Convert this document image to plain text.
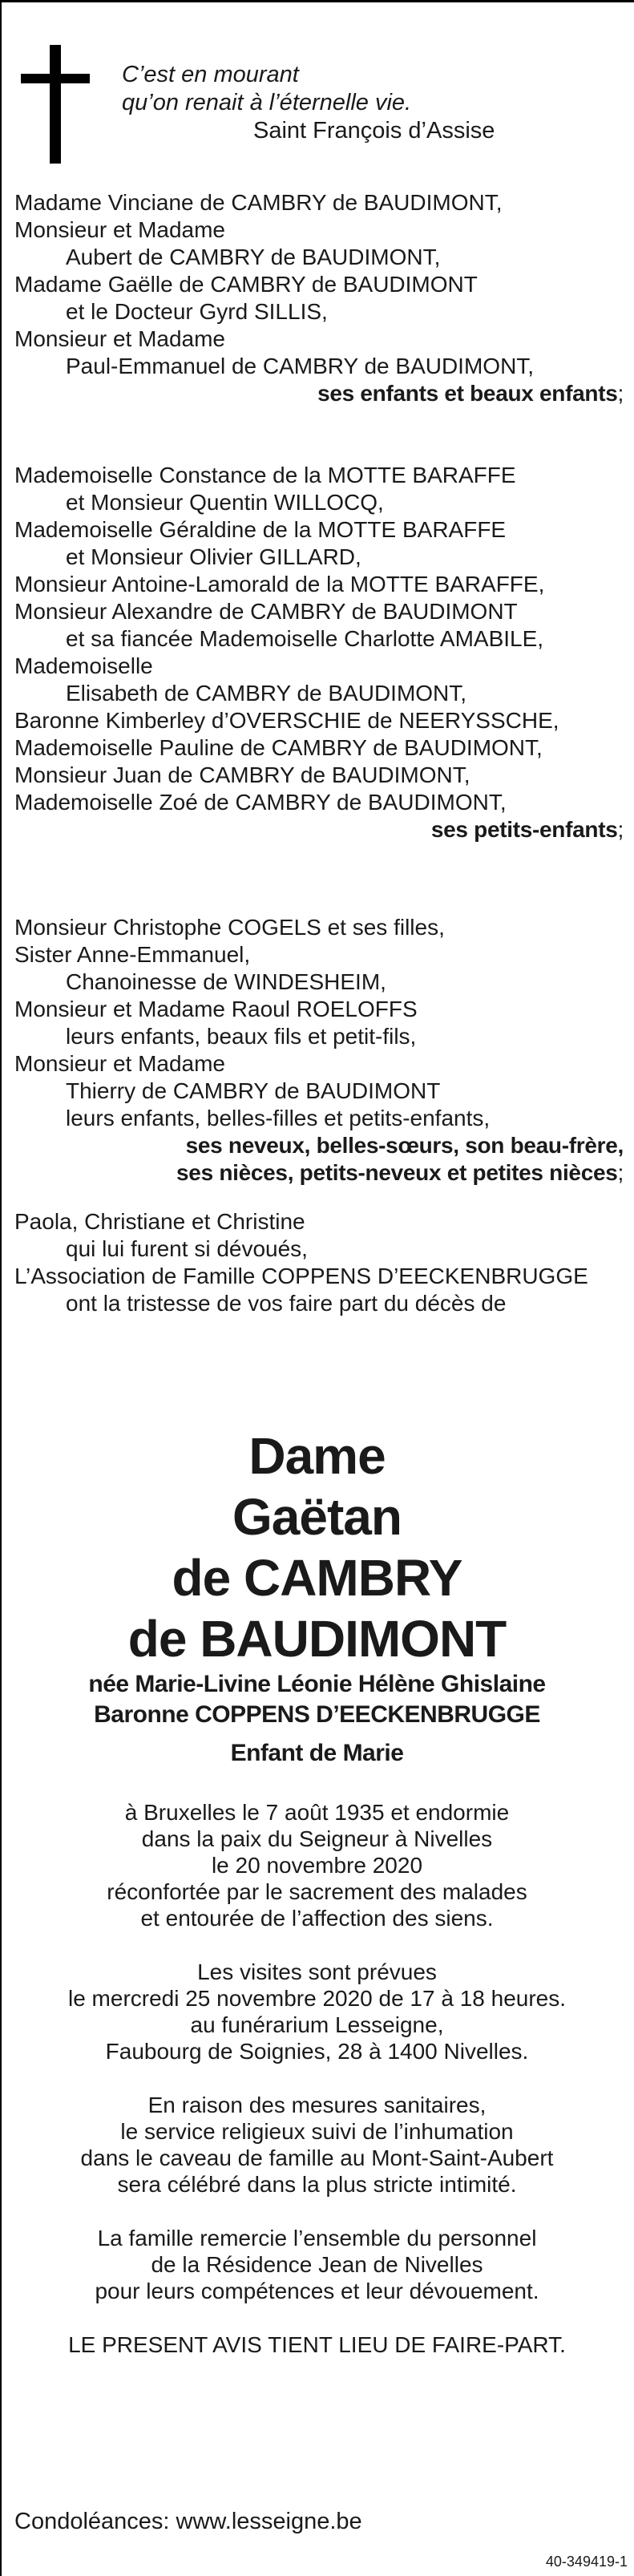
C’est en mourant
qu’on renait à l’éternelle vie.
Saint François d’Assise
Madame Vinciane de CAMBRY de BAUDIMONT,
Monsieur et Madame
Aubert de CAMBRY de BAUDIMONT,
Madame Gaëlle de CAMBRY de BAUDIMONT
et le Docteur Gyrd SILLIS,
Monsieur et Madame
Paul-Emmanuel de CAMBRY de BAUDIMONT,
ses enfants et beaux enfants;
Mademoiselle Constance de la MOTTE BARAFFE
et Monsieur Quentin WILLOCQ,
Mademoiselle Géraldine de la MOTTE BARAFFE
et Monsieur Olivier GILLARD,
Monsieur Antoine-Lamorald de la MOTTE BARAFFE,
Monsieur Alexandre de CAMBRY de BAUDIMONT
et sa fiancée Mademoiselle Charlotte AMABILE,
Mademoiselle
Elisabeth de CAMBRY de BAUDIMONT,
Baronne Kimberley d’OVERSCHIE de NEERYSSCHE,
Mademoiselle Pauline de CAMBRY de BAUDIMONT,
Monsieur Juan de CAMBRY de BAUDIMONT,
Mademoiselle Zoé de CAMBRY de BAUDIMONT,
ses petits-enfants;
Monsieur Christophe COGELS et ses filles,
Sister Anne-Emmanuel,
Chanoinesse de WINDESHEIM,
Monsieur et Madame Raoul ROELOFFS
leurs enfants, beaux fils et petit-fils,
Monsieur et Madame
Thierry de CAMBRY de BAUDIMONT
leurs enfants, belles-filles et petits-enfants,
ses neveux, belles-sœurs, son beau-frère,
ses nièces, petits-neveux et petites nièces;
Paola, Christiane et Christine
qui lui furent si dévoués,
L’Association de Famille COPPENS D’EECKENBRUGGE
ont la tristesse de vos faire part du décès de
Dame
Gaëtan
de CAMBRY
de BAUDIMONT
née Marie-Livine Léonie Hélène Ghislaine
Baronne COPPENS D’EECKENBRUGGE
Enfant de Marie
à Bruxelles le 7 août 1935 et endormie
dans la paix du Seigneur à Nivelles
le 20 novembre 2020
réconfortée par le sacrement des malades
et entourée de l’affection des siens.
Les visites sont prévues
le mercredi 25 novembre 2020 de 17 à 18 heures.
au funérarium Lesseigne,
Faubourg de Soignies, 28 à 1400 Nivelles.
En raison des mesures sanitaires,
le service religieux suivi de l’inhumation
dans le caveau de famille au Mont-Saint-Aubert
sera célébré dans la plus stricte intimité.
La famille remercie l’ensemble du personnel
de la Résidence Jean de Nivelles
pour leurs compétences et leur dévouement.
LE PRESENT AVIS TIENT LIEU DE FAIRE-PART.
Condoléances: www.lesseigne.be
40-349419-1
